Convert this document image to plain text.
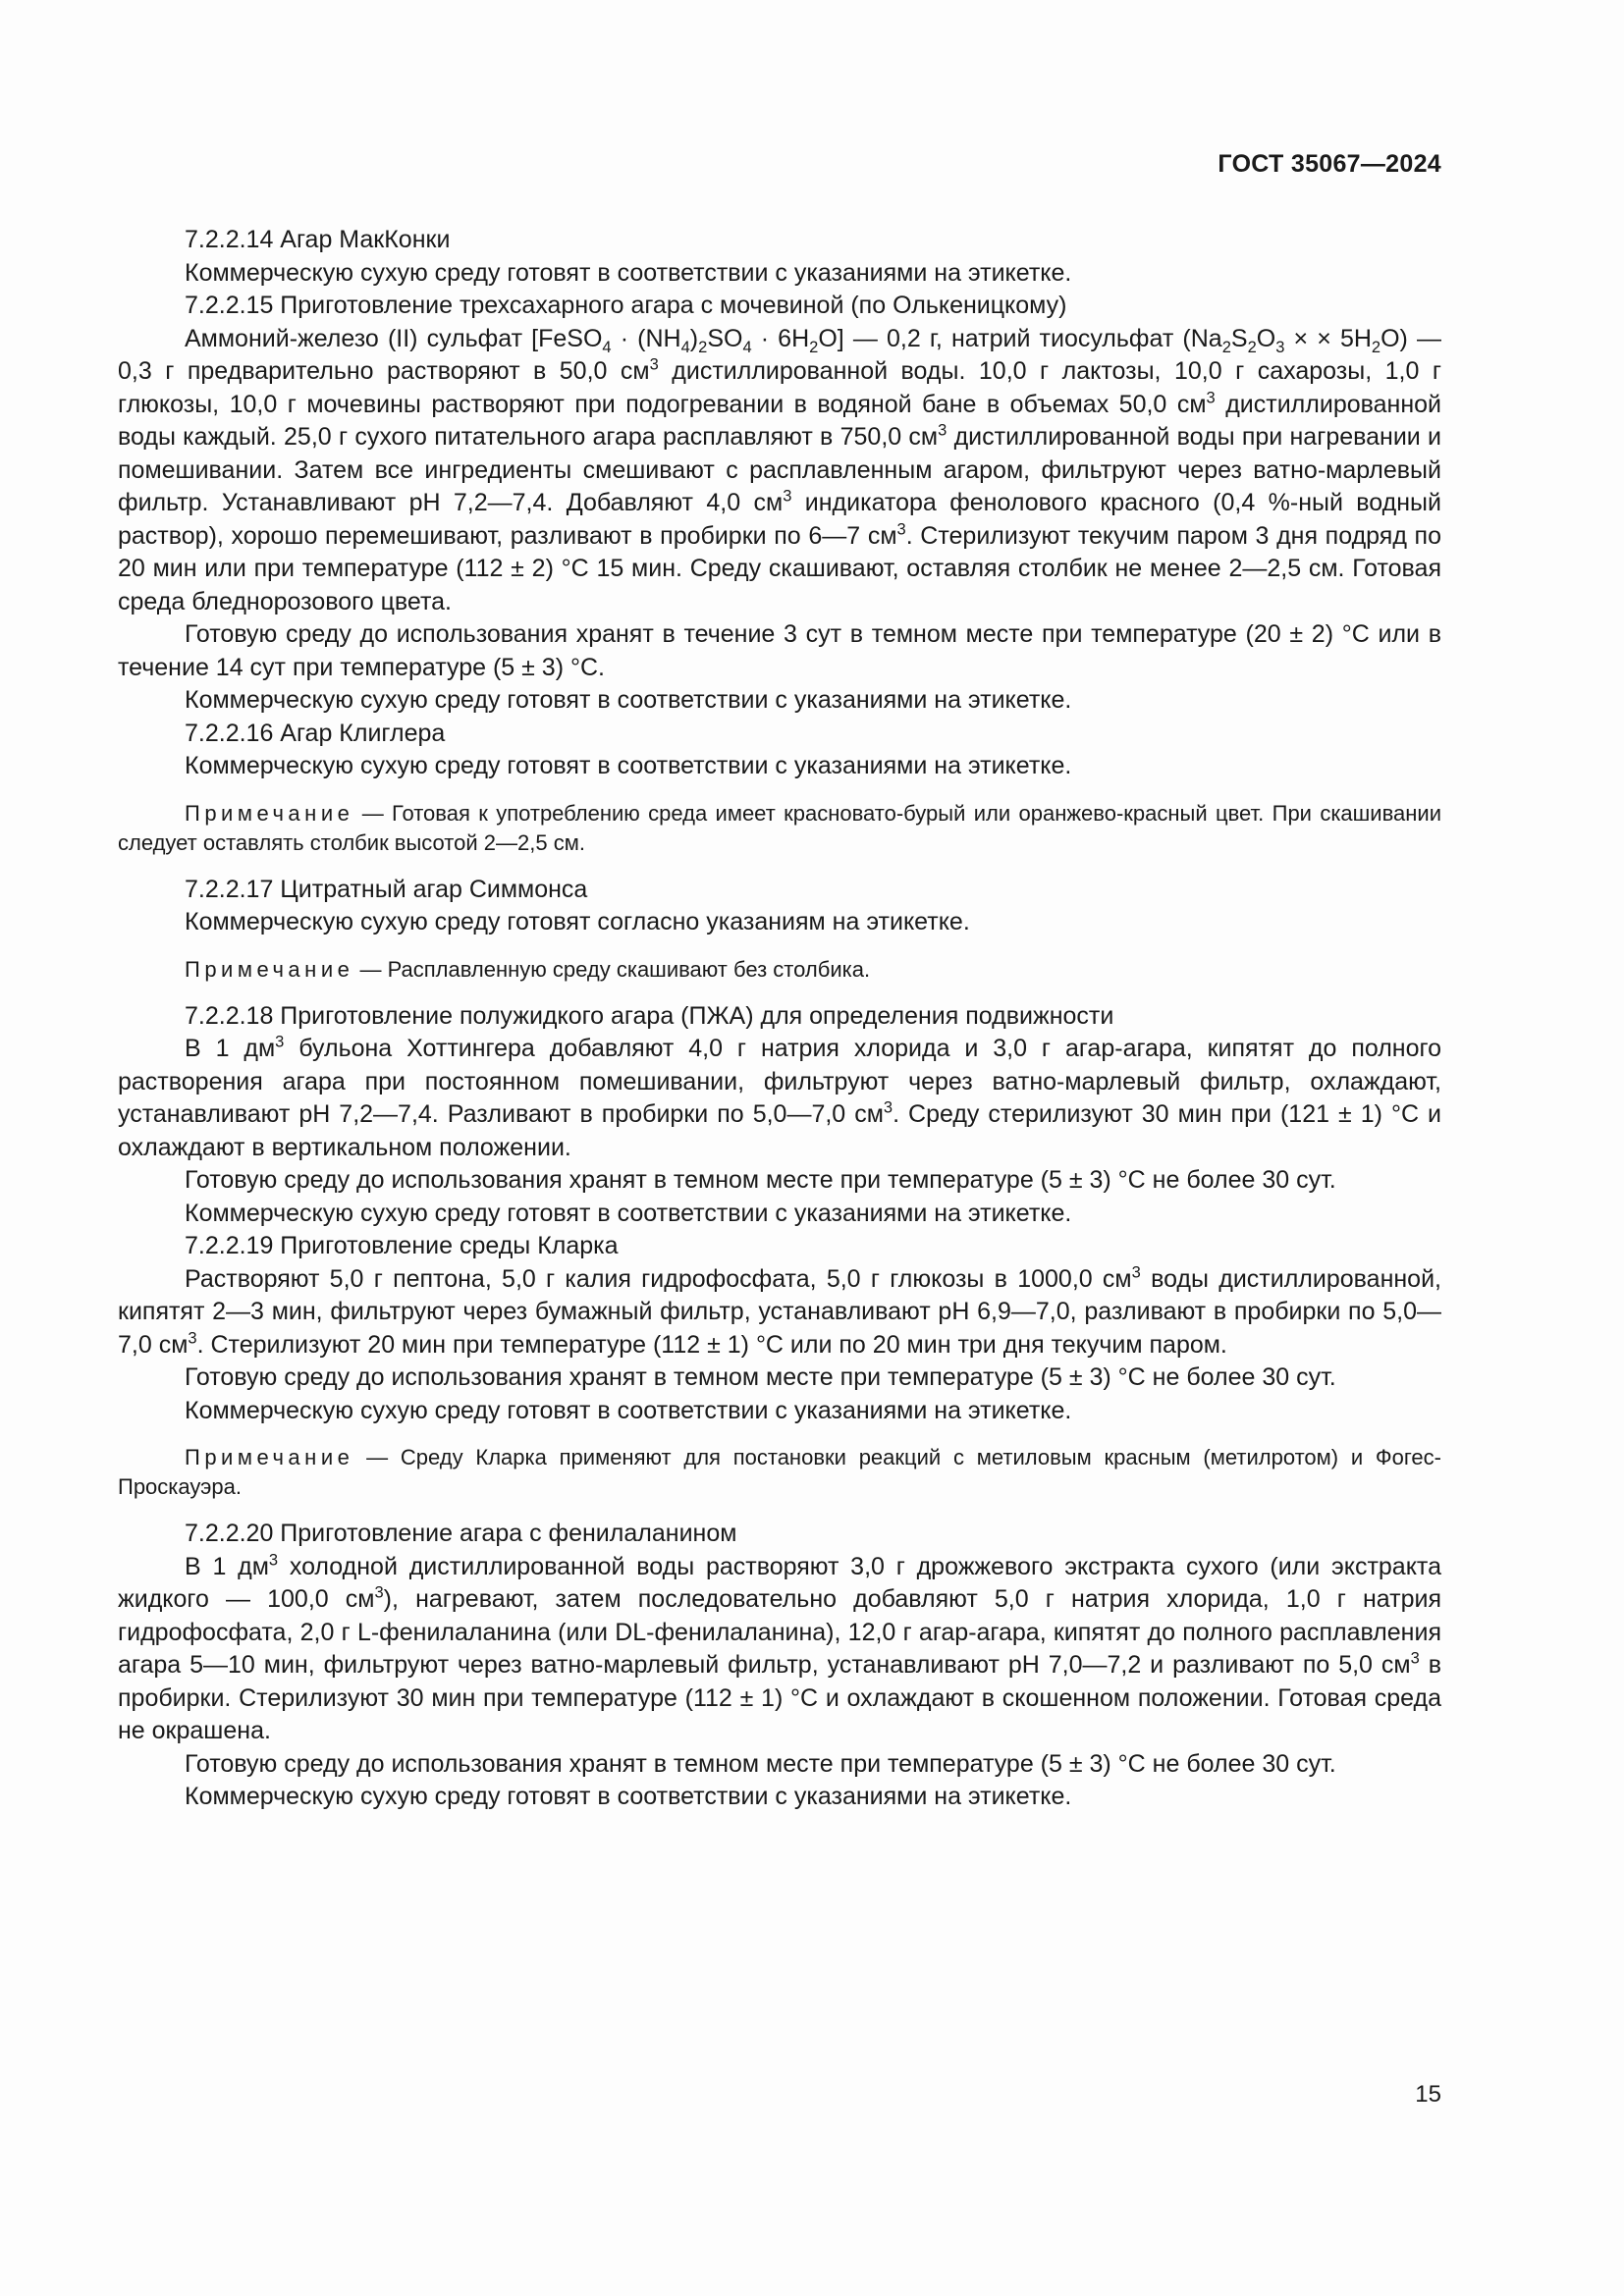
ГОСТ 35067—2024

7.2.2.14 Агар МакКонки

Коммерческую сухую среду готовят в соответствии с указаниями на этикетке.

7.2.2.15 Приготовление трехсахарного агара с мочевиной (по Олькеницкому)

Аммоний-железо (II) сульфат [FeSO$_4$ · $(NH_4)_2SO_4 \cdot 6H_2O$] — 0,2 г, натрий тиосульфат ($Na_2S_2O_3$ × × $5H_2O$) — 0,3 г предварительно растворяют в 50,0 $см^3$ дистиллированной воды. 10,0 г лактозы, 10,0 г сахарозы, 1,0 г глюкозы, 10,0 г мочевины растворяют при подогревании в водяной бане в объемах 50,0 $см^3$ дистиллированной воды каждый. 25,0 г сухого питательного агара расплавляют в 750,0 $см^3$ дистиллированной воды при нагревании и помешивании. Затем все ингредиенты смешивают с расплавленным агаром, фильтруют через ватно-марлевый фильтр. Устанавливают рН 7,2—7,4. Добавляют 4,0 $см^3$ индикатора фенолового красного (0,4 %-ный водный раствор), хорошо перемешивают, разливают в пробирки по 6—7 $см^3$. Стерилизуют текучим паром 3 дня подряд по 20 мин или при температуре (112 ± 2) °С 15 мин. Среду скашивают, оставляя столбик не менее 2—2,5 см. Готовая среда бледнорозового цвета.

Готовую среду до использования хранят в течение 3 сут в темном месте при температуре (20 ± 2) °С или в течение 14 сут при температуре (5 ± 3) °С.

Коммерческую сухую среду готовят в соответствии с указаниями на этикетке.

7.2.2.16 Агар Клиглера

Коммерческую сухую среду готовят в соответствии с указаниями на этикетке.

Примечание — Готовая к употреблению среда имеет красновато-бурый или оранжево-красный цвет. При скашивании следует оставлять столбик высотой 2—2,5 см.

7.2.2.17 Цитратный агар Симмонса

Коммерческую сухую среду готовят согласно указаниям на этикетке.

Примечание — Расплавленную среду скашивают без столбика.

7.2.2.18 Приготовление полужидкого агара (ПЖА) для определения подвижности

В 1 $дм^3$ бульона Хоттингера добавляют 4,0 г натрия хлорида и 3,0 г агар-агара, кипятят до полного растворения агара при постоянном помешивании, фильтруют через ватно-марлевый фильтр, охлаждают, устанавливают рН 7,2—7,4. Разливают в пробирки по 5,0—7,0 $см^3$. Среду стерилизуют 30 мин при (121 ± 1) °С и охлаждают в вертикальном положении.

Готовую среду до использования хранят в темном месте при температуре (5 ± 3) °С не более 30 сут.

Коммерческую сухую среду готовят в соответствии с указаниями на этикетке.

7.2.2.19 Приготовление среды Кларка

Растворяют 5,0 г пептона, 5,0 г калия гидрофосфата, 5,0 г глюкозы в 1000,0 $см^3$ воды дистиллированной, кипятят 2—3 мин, фильтруют через бумажный фильтр, устанавливают рН 6,9—7,0, разливают в пробирки по 5,0—7,0 $см^3$. Стерилизуют 20 мин при температуре (112 ± 1) °С или по 20 мин три дня текучим паром.

Готовую среду до использования хранят в темном месте при температуре (5 ± 3) °С не более 30 сут.

Коммерческую сухую среду готовят в соответствии с указаниями на этикетке.

Примечание — Среду Кларка применяют для постановки реакций с метиловым красным (метилротом) и Фогес-Проскауэра.

7.2.2.20 Приготовление агара с фенилаланином

В 1 $дм^3$ холодной дистиллированной воды растворяют 3,0 г дрожжевого экстракта сухого (или экстракта жидкого — 100,0 $см^3$), нагревают, затем последовательно добавляют 5,0 г натрия хлорида, 1,0 г натрия гидрофосфата, 2,0 г L-фенилаланина (или DL-фенилаланина), 12,0 г агар-агара, кипятят до полного расплавления агара 5—10 мин, фильтруют через ватно-марлевый фильтр, устанавливают рН 7,0—7,2 и разливают по 5,0 $см^3$ в пробирки. Стерилизуют 30 мин при температуре (112 ± 1) °С и охлаждают в скошенном положении. Готовая среда не окрашена.

Готовую среду до использования хранят в темном месте при температуре (5 ± 3) °С не более 30 сут.

Коммерческую сухую среду готовят в соответствии с указаниями на этикетке.

15
